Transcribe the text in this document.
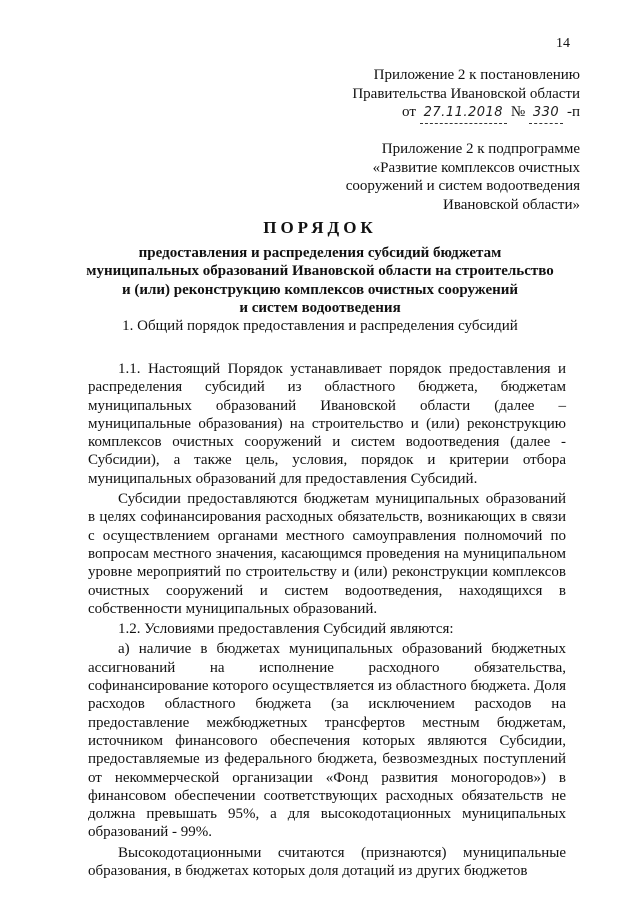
14
Приложение 2 к постановлению
Правительства Ивановской области
от 27.11.2018 № 330 -п
Приложение 2 к подпрограмме
«Развитие комплексов очистных
сооружений и систем водоотведения
Ивановской области»
ПОРЯДОК
предоставления и распределения субсидий бюджетам
муниципальных образований Ивановской области на строительство
и (или) реконструкцию комплексов очистных сооружений
и систем водоотведения
1. Общий порядок предоставления и распределения субсидий

1.1. Настоящий Порядок устанавливает порядок предоставления и распределения субсидий из областного бюджета, бюджетам муниципальных образований Ивановской области (далее – муниципальные образования) на строительство и (или) реконструкцию комплексов очистных сооружений и систем водоотведения (далее - Субсидии), а также цель, условия, порядок и критерии отбора муниципальных образований для предоставления Субсидий.

Субсидии предоставляются бюджетам муниципальных образований в целях софинансирования расходных обязательств, возникающих в связи с осуществлением органами местного самоуправления полномочий по вопросам местного значения, касающимся проведения на муниципальном уровне мероприятий по строительству и (или) реконструкции комплексов очистных сооружений и систем водоотведения, находящихся в собственности муниципальных образований.

1.2. Условиями предоставления Субсидий являются:

а) наличие в бюджетах муниципальных образований бюджетных ассигнований на исполнение расходного обязательства, софинансирование которого осуществляется из областного бюджета. Доля расходов областного бюджета (за исключением расходов на предоставление межбюджетных трансфертов местным бюджетам, источником финансового обеспечения которых являются Субсидии, предоставляемые из федерального бюджета, безвозмездных поступлений от некоммерческой организации «Фонд развития моногородов») в финансовом обеспечении соответствующих расходных обязательств не должна превышать 95%, а для высокодотационных муниципальных образований - 99%.

Высокодотационными считаются (признаются) муниципальные образования, в бюджетах которых доля дотаций из других бюджетов
